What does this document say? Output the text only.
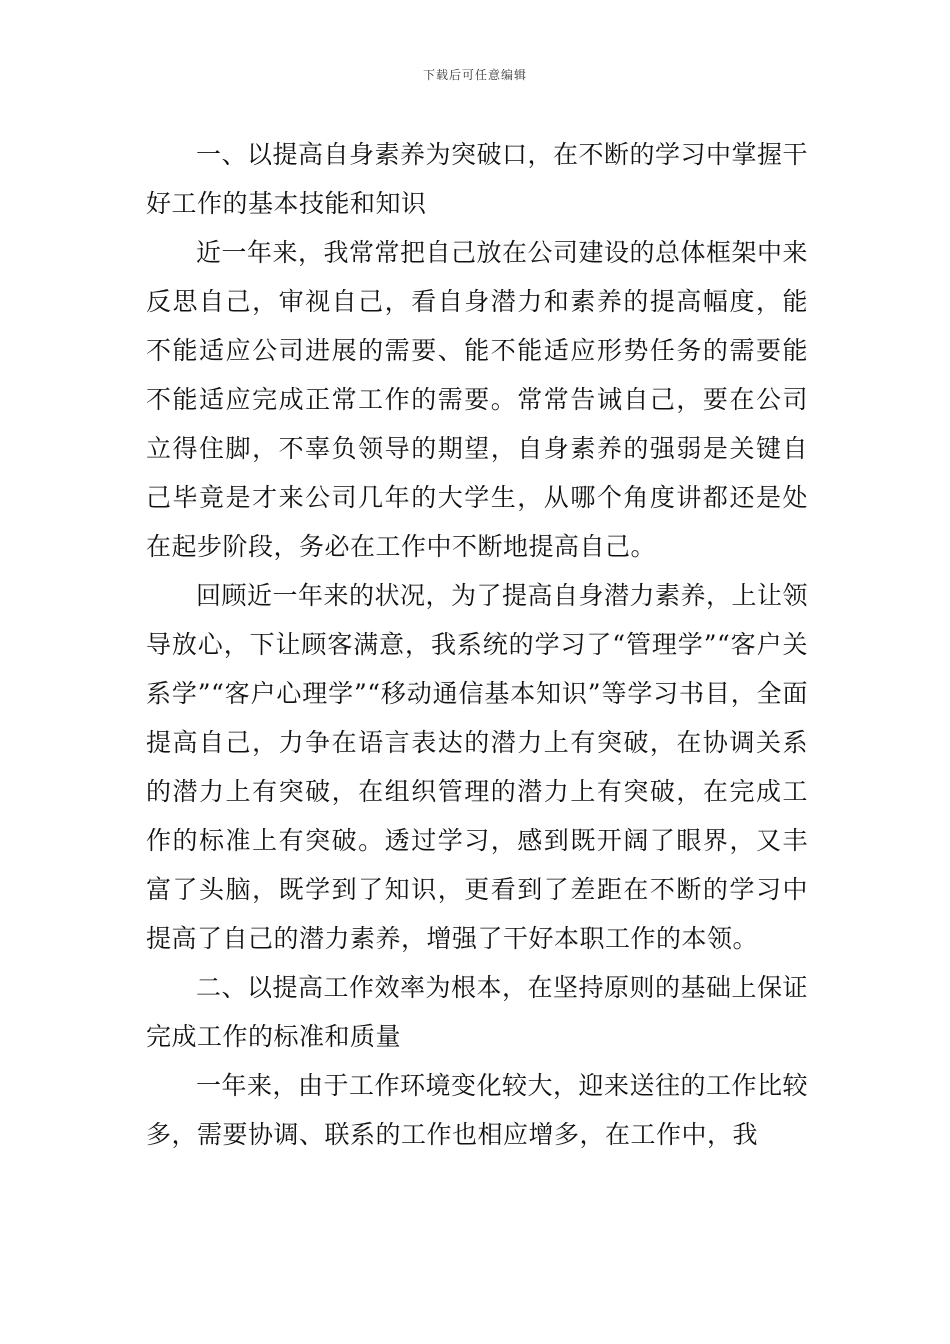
下载后可任意编辑

一、以提高自身素养为突破口，在不断的学习中掌握干好工作的基本技能和知识

近一年来，我常常把自己放在公司建设的总体框架中来反思自己，审视自己，看自身潜力和素养的提高幅度，能不能适应公司进展的需要、能不能适应形势任务的需要能不能适应完成正常工作的需要。常常告诫自己，要在公司立得住脚，不辜负领导的期望，自身素养的强弱是关键自己毕竟是才来公司几年的大学生，从哪个角度讲都还是处在起步阶段，务必在工作中不断地提高自己。

回顾近一年来的状况，为了提高自身潜力素养，上让领导放心，下让顾客满意，我系统的学习了“管理学”“客户关系学”“客户心理学”“移动通信基本知识”等学习书目，全面提高自己，力争在语言表达的潜力上有突破，在协调关系的潜力上有突破，在组织管理的潜力上有突破，在完成工作的标准上有突破。透过学习，感到既开阔了眼界，又丰富了头脑，既学到了知识，更看到了差距在不断的学习中提高了自己的潜力素养，增强了干好本职工作的本领。

二、以提高工作效率为根本，在坚持原则的基础上保证完成工作的标准和质量

一年来，由于工作环境变化较大，迎来送往的工作比较多，需要协调、联系的工作也相应增多，在工作中，我
